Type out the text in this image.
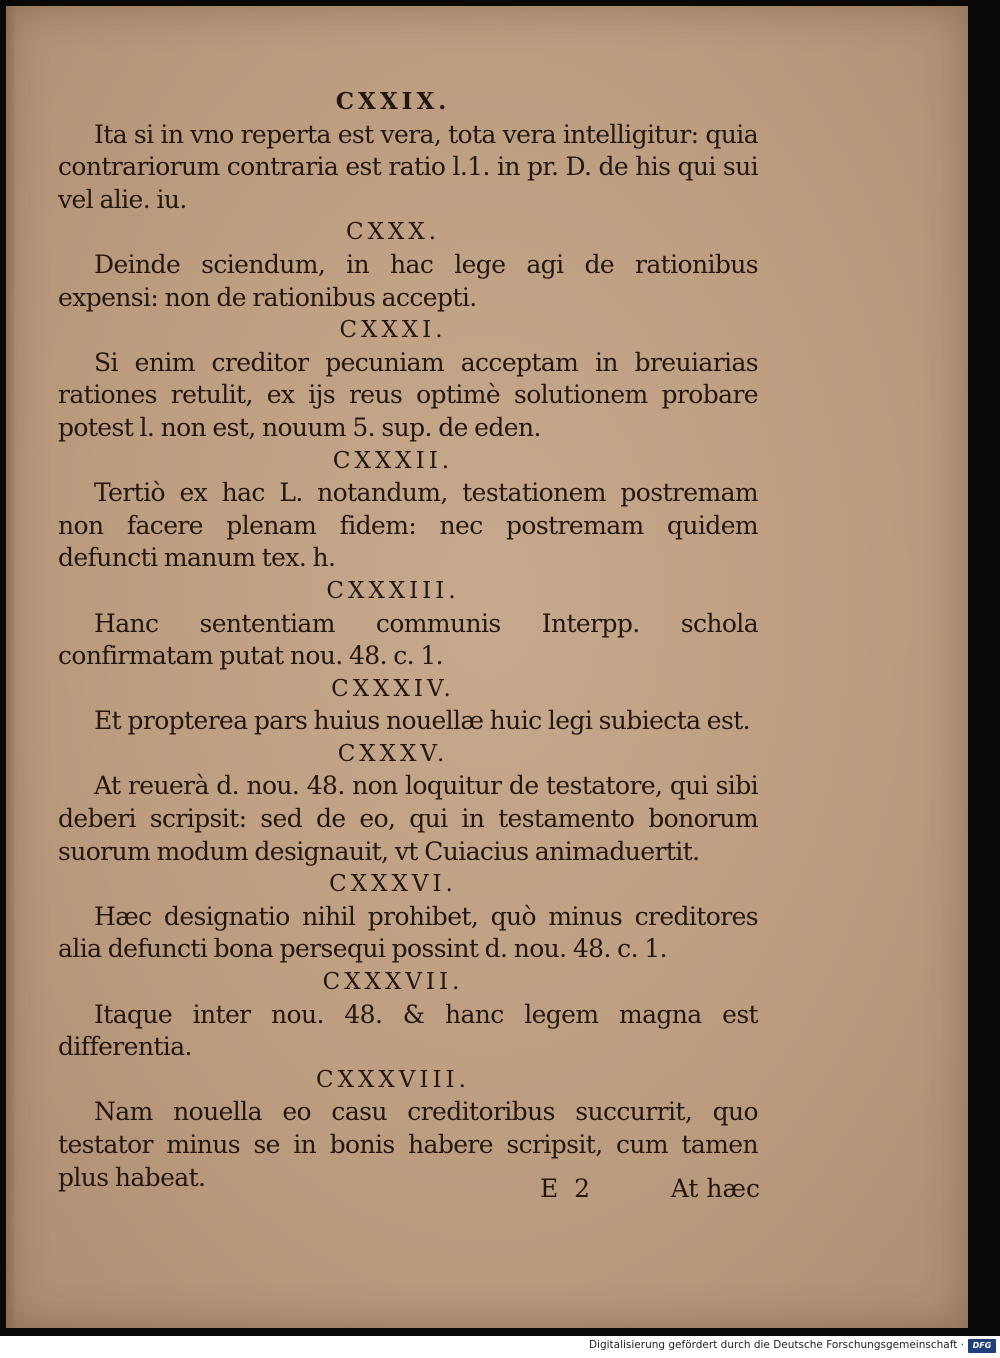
CXXIX.

Ita si in vno reperta est vera, tota vera intelligitur: quia contrariorum contraria est ratio l.1. in pr. D. de his qui sui vel alie. iu.

CXXX.

Deinde sciendum, in hac lege agi de rationibus expensi: non de rationibus accepti.

CXXXI.

Si enim creditor pecuniam acceptam in breuiarias rationes retulit, ex ijs reus optimè solutionem probare potest l. non est, nouum 5. sup. de eden.

CXXXII.

Tertiò ex hac L. notandum, testationem postremam non facere plenam fidem: nec postremam quidem defuncti manum tex. h.

CXXXIII.

Hanc sententiam communis Interpp. schola confirmatam putat nou. 48. c. 1.

CXXXIV.

Et propterea pars huius nouellæ huic legi subiecta est.

CXXXV.

At reuerà d. nou. 48. non loquitur de testatore, qui sibi deberi scripsit: sed de eo, qui in testamento bonorum suorum modum designauit, vt Cuiacius animaduertit.

CXXXVI.

Hæc designatio nihil prohibet, quò minus creditores alia defuncti bona persequi possint d. nou. 48. c. 1.

CXXXVII.

Itaque inter nou. 48. & hanc legem magna est differentia.

CXXXVIII.

Nam nouella eo casu creditoribus succurrit, quo testator minus se in bonis habere scripsit, cum tamen plus habeat.	E  2	At hæc
Digitalisierung gefördert durch die Deutsche Forschungsgemeinschaft ·	DFG
